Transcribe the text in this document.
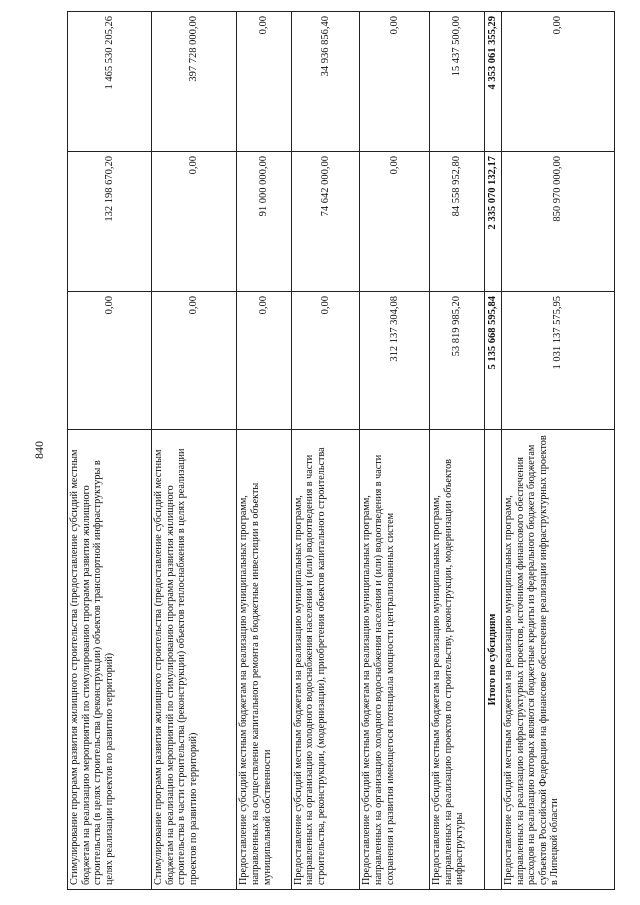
840
				Стимулирование программ развития жилищного строительства (предоставление субсидий местным бюджетам на реализацию мероприятий по стимулированию программ развития жилищного строительства (в целях строительства (реконструкции) объектов транспортной инфраструктуры в целях реализации проектов по развитию территорий)	0,00	132 198 670,20	1 465 530 205,26
Стимулирование программ развития жилищного строительства (предоставление субсидий местным бюджетам на реализацию мероприятий по стимулированию программ развития жилищного строительства в части строительства (реконструкции) объектов теплоснабжения в целях реализации проектов по развитию территорий)	0,00	0,00	397 728 000,00
Предоставление субсидий местным бюджетам на реализацию муниципальных программ, направленных на осуществление капитального ремонта в бюджетные инвестиции в объекты муниципальной собственности	0,00	91 000 000,00	0,00
Предоставление субсидий местным бюджетам на реализацию муниципальных программ, направленных на организацию холодного водоснабжения населения и (или) водоотведения в части строительства, реконструкции, (модернизации), приобретения объектов капитального строительства	0,00	74 642 000,00	34 936 856,40
Предоставление субсидий местным бюджетам на реализацию муниципальных программ, направленных на организацию холодного водоснабжения населения и (или) водоотведения в части сохранения и развития имеющегося потенциала мощности централизованных систем	312 137 304,08	0,00	0,00
Предоставление субсидий местным бюджетам на реализацию муниципальных программ, направленных на реализацию проектов по строительству, реконструкции, модернизации объектов инфраструктуры	53 819 985,20	84 558 952,80	15 437 500,00
Итого по субсидиям	5 135 668 595,84	2 335 070 132,17	4 353 061 355,29
Предоставление субсидий местным бюджетам на реализацию муниципальных программ, направленных на реализацию инфраструктурных проектов, источником финансового обеспечения расходов на реализацию которых являются бюджетные кредиты из федерального бюджета бюджетам субъектов Российской Федерации на финансовое обеспечение реализации инфраструктурных проектов в Липецкой области	1 031 137 575,95	850 970 000,00	0,00
